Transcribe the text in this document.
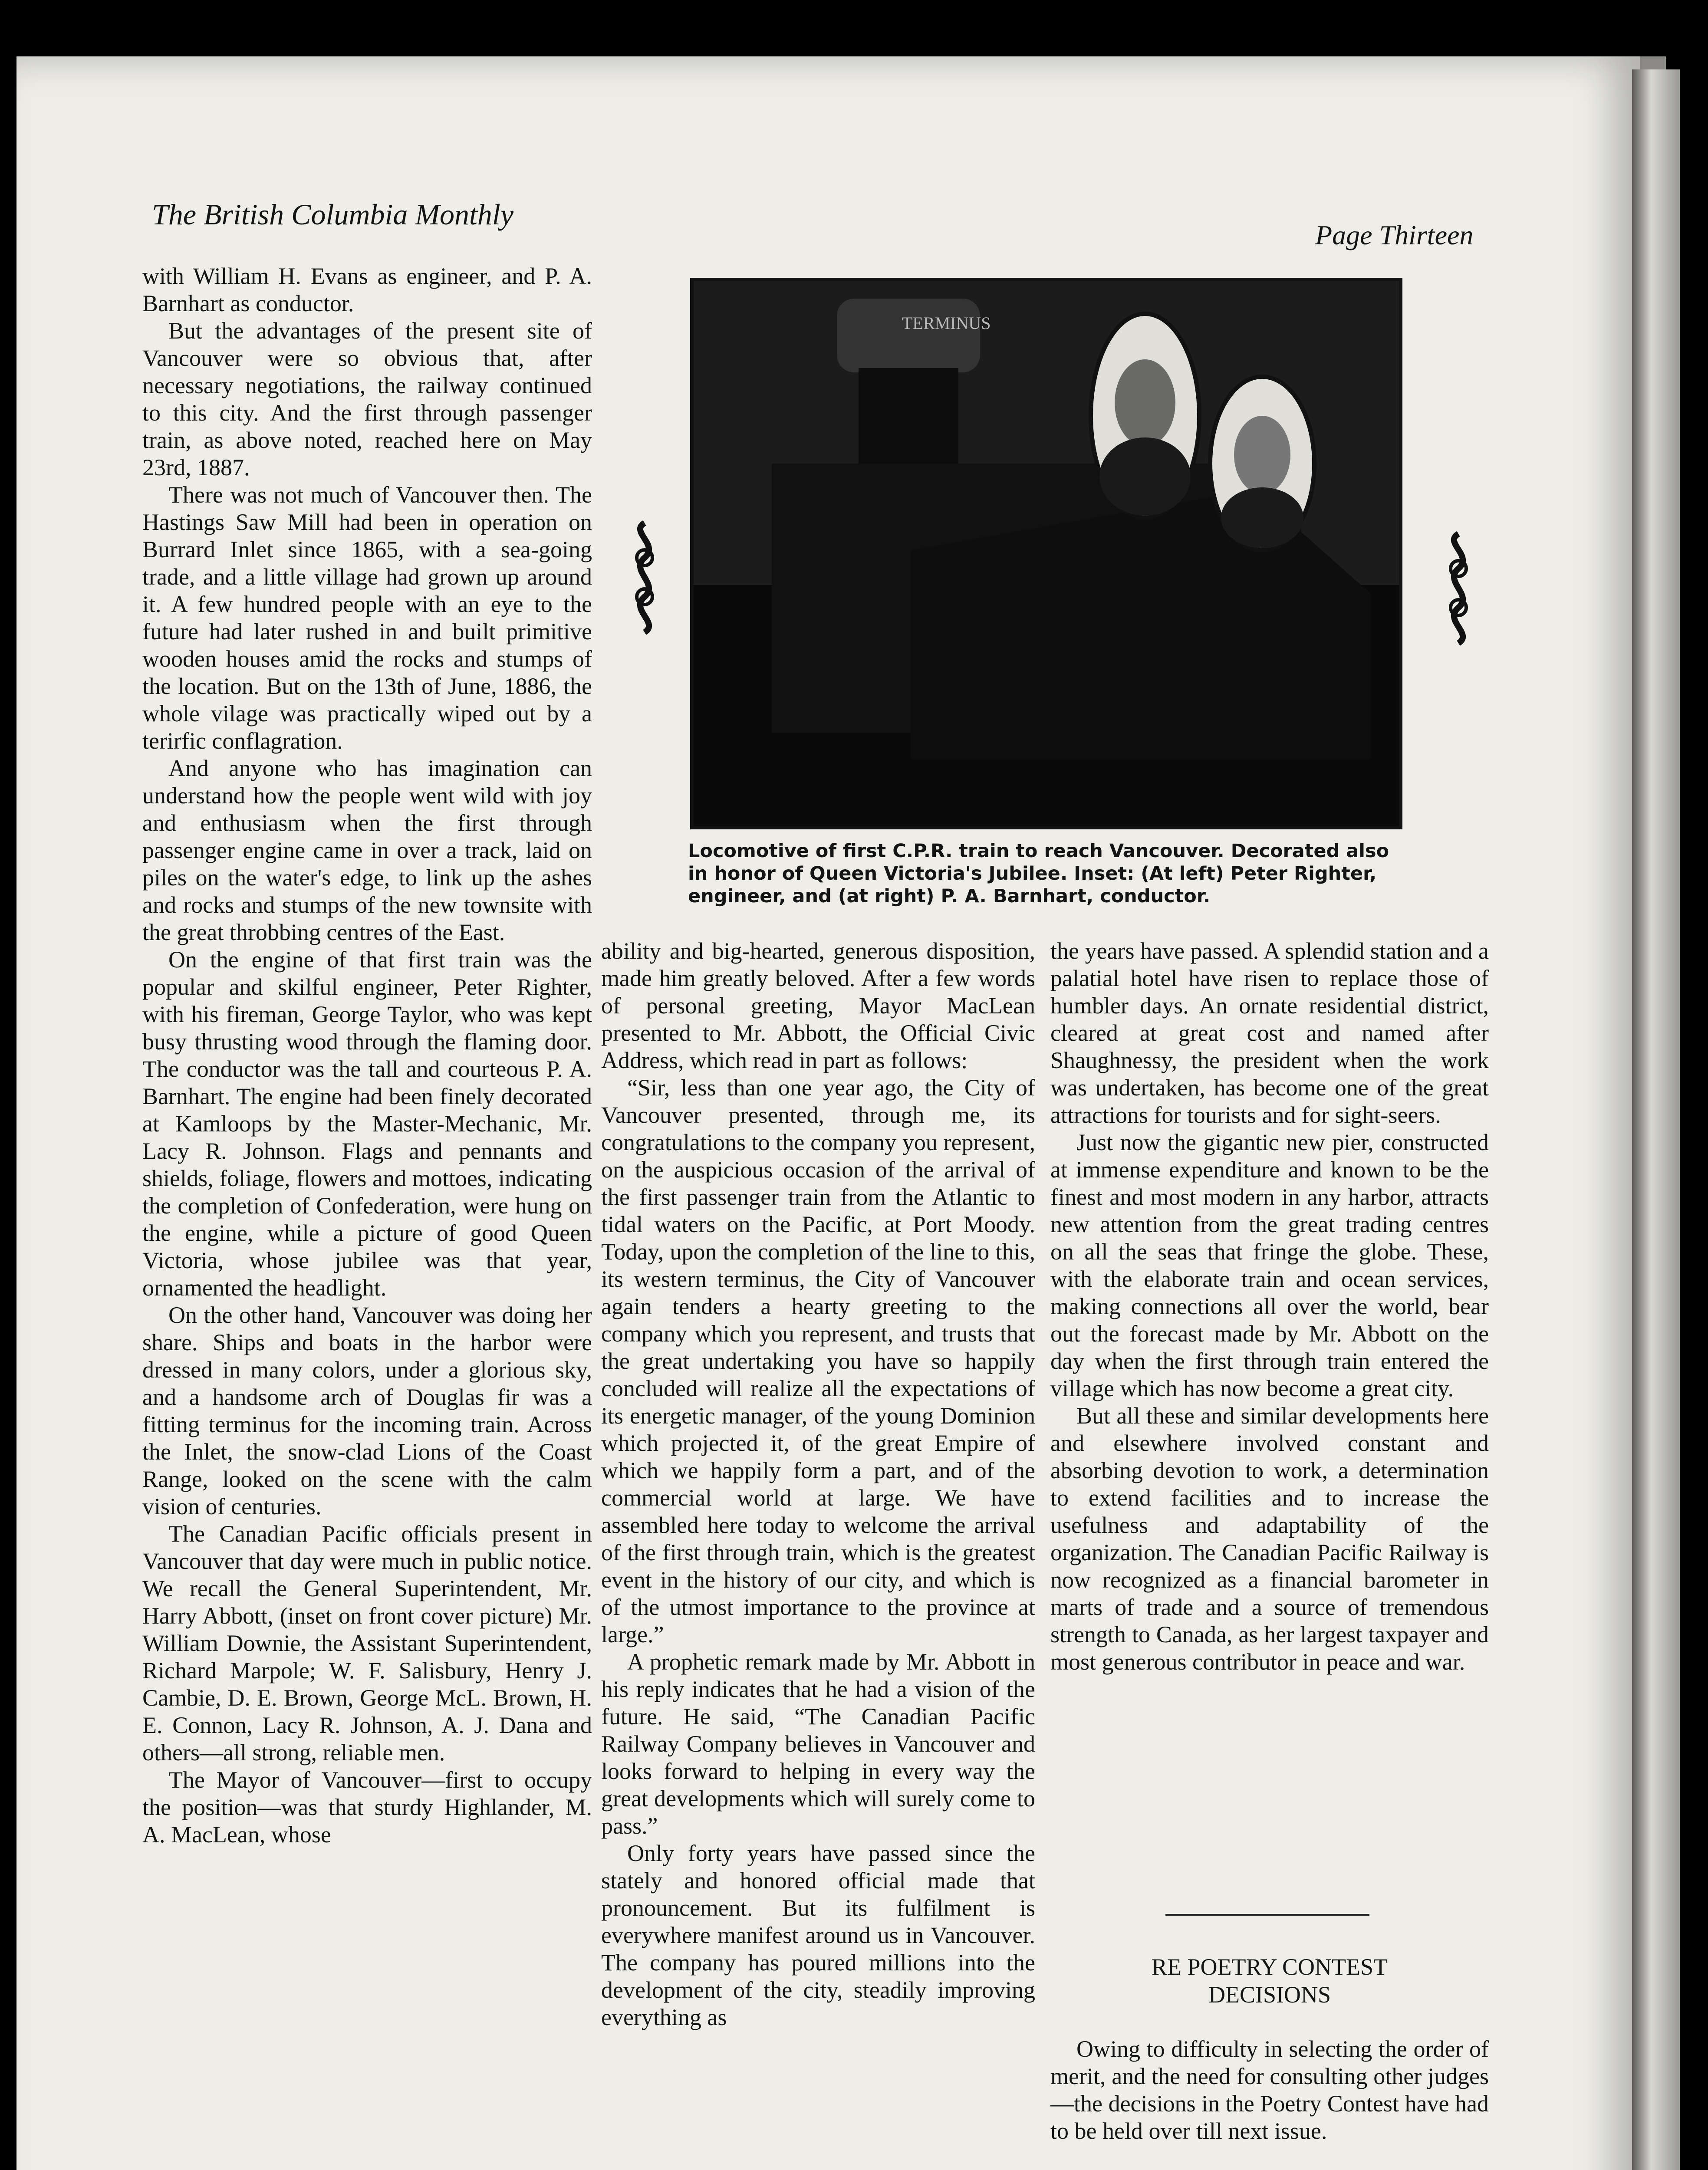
The British Columbia Monthly
Page Thirteen

with William H. Evans as engineer, and P. A. Barnhart as conductor.

But the advantages of the present site of Vancouver were so obvious that, after necessary negotiations, the railway continued to this city. And the first through passenger train, as above noted, reached here on May 23rd, 1887.

There was not much of Vancouver then. The Hastings Saw Mill had been in operation on Burrard Inlet since 1865, with a sea-going trade, and a little village had grown up around it. A few hundred people with an eye to the future had later rushed in and built primitive wooden houses amid the rocks and stumps of the location. But on the 13th of June, 1886, the whole vilage was practically wiped out by a terirfic conflagration.

And anyone who has imagination can understand how the people went wild with joy and enthusiasm when the first through passenger engine came in over a track, laid on piles on the water's edge, to link up the ashes and rocks and stumps of the new townsite with the great throbbing centres of the East.

On the engine of that first train was the popular and skilful engineer, Peter Righter, with his fireman, George Taylor, who was kept busy thrusting wood through the flaming door. The conductor was the tall and courteous P. A. Barnhart. The engine had been finely decorated at Kamloops by the Master-Mechanic, Mr. Lacy R. Johnson. Flags and pennants and shields, foliage, flowers and mottoes, indicating the completion of Confederation, were hung on the engine, while a picture of good Queen Victoria, whose jubilee was that year, ornamented the headlight.

On the other hand, Vancouver was doing her share. Ships and boats in the harbor were dressed in many colors, under a glorious sky, and a handsome arch of Douglas fir was a fitting terminus for the incoming train. Across the Inlet, the snow-clad Lions of the Coast Range, looked on the scene with the calm vision of centuries.

The Canadian Pacific officials present in Vancouver that day were much in public notice. We recall the General Superintendent, Mr. Harry Abbott, (inset on front cover picture) Mr. William Downie, the Assistant Superintendent, Richard Marpole; W. F. Salisbury, Henry J. Cambie, D. E. Brown, George McL. Brown, H. E. Connon, Lacy R. Johnson, A. J. Dana and others—all strong, reliable men.

The Mayor of Vancouver—first to occupy the position—was that sturdy Highlander, M. A. MacLean, whose

TERMINUS
Locomotive of first C.P.R. train to reach Vancouver. Decorated also in honor of Queen Victoria's Jubilee. Inset: (At left) Peter Righter, engineer, and (at right) P. A. Barnhart, conductor.

ability and big-hearted, generous disposition, made him greatly beloved. After a few words of personal greeting, Mayor MacLean presented to Mr. Abbott, the Official Civic Address, which read in part as follows:

“Sir, less than one year ago, the City of Vancouver presented, through me, its congratulations to the company you represent, on the auspicious occasion of the arrival of the first passenger train from the Atlantic to tidal waters on the Pacific, at Port Moody. Today, upon the completion of the line to this, its western terminus, the City of Vancouver again tenders a hearty greeting to the company which you represent, and trusts that the great undertaking you have so happily concluded will realize all the expectations of its energetic manager, of the young Dominion which projected it, of the great Empire of which we happily form a part, and of the commercial world at large. We have assembled here today to welcome the arrival of the first through train, which is the greatest event in the history of our city, and which is of the utmost importance to the province at large.”

A prophetic remark made by Mr. Abbott in his reply indicates that he had a vision of the future. He said, “The Canadian Pacific Railway Company believes in Vancouver and looks forward to helping in every way the great developments which will surely come to pass.”

Only forty years have passed since the stately and honored official made that pronouncement. But its fulfilment is everywhere manifest around us in Vancouver. The company has poured millions into the development of the city, steadily improving everything as

the years have passed. A splendid station and a palatial hotel have risen to replace those of humbler days. An ornate residential district, cleared at great cost and named after Shaughnessy, the president when the work was undertaken, has become one of the great attractions for tourists and for sight-seers.

Just now the gigantic new pier, constructed at immense expenditure and known to be the finest and most modern in any harbor, attracts new attention from the great trading centres on all the seas that fringe the globe. These, with the elaborate train and ocean services, making connections all over the world, bear out the forecast made by Mr. Abbott on the day when the first through train entered the village which has now become a great city.

But all these and similar developments here and elsewhere involved constant and absorbing devotion to work, a determination to extend facilities and to increase the usefulness and adaptability of the organization. The Canadian Pacific Railway is now recognized as a financial barometer in marts of trade and a source of tremendous strength to Canada, as her largest taxpayer and most generous contributor in peace and war.

RE POETRY CONTEST
DECISIONS

Owing to difficulty in selecting the order of merit, and the need for consulting other judges—the decisions in the Poetry Contest have had to be held over till next issue.
